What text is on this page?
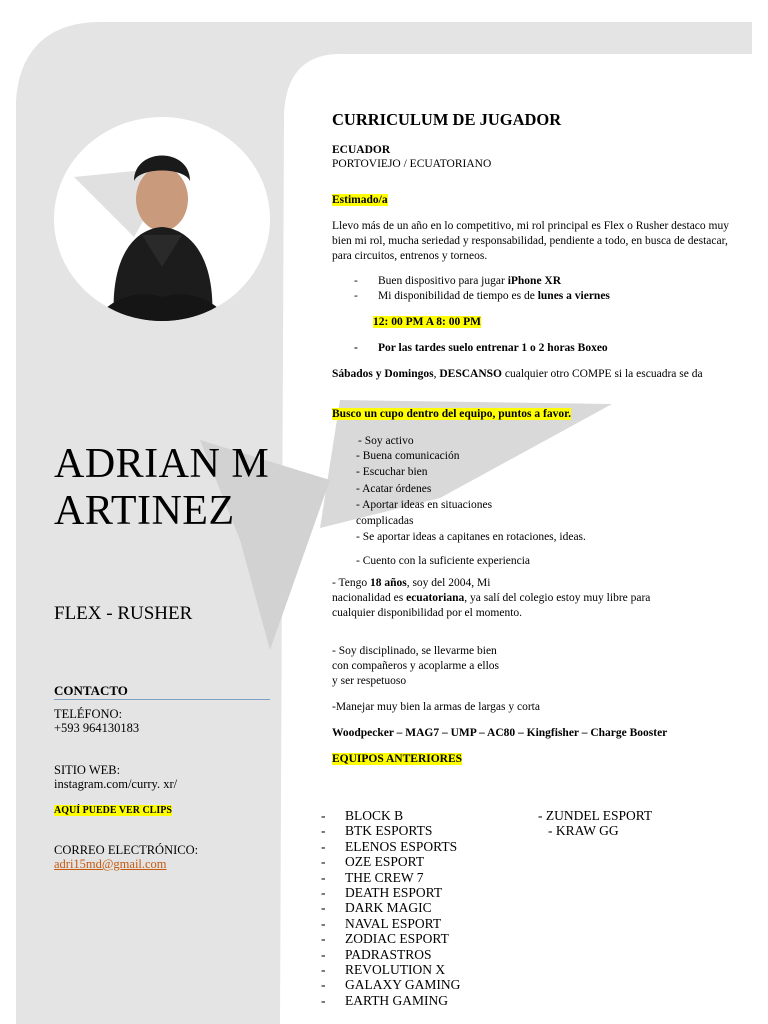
ADRIAN MARTINEZ
FLEX - RUSHER
CONTACTO
TELÉFONO:
+593 964130183
SITIO WEB:
instagram.com/curry. xr/
AQUÍ PUEDE VER CLIPS
CORREO ELECTRÓNICO:
adri15md@gmail.com
CURRICULUM DE JUGADOR
ECUADOR
PORTOVIEJO / ECUATORIANO
Estimado/a
Llevo más de un año en lo competitivo, mi rol principal es Flex o Rusher destaco muy bien mi rol, mucha seriedad y responsabilidad, pendiente a todo, en busca de destacar, para circuitos, entrenos y torneos.
- Buen dispositivo para jugar iPhone XR
- Mi disponibilidad de tiempo es de lunes a viernes
12: 00 PM A 8: 00 PM
- Por las tardes suelo entrenar 1 o 2 horas Boxeo
Sábados y Domingos, DESCANSO cualquier otro COMPE si la escuadra se da
Busco un cupo dentro del equipo, puntos a favor.
- Soy activo
- Buena comunicación
- Escuchar bien
- Acatar órdenes
- Aportar ideas en situaciones
complicadas
- Se aportar ideas a capitanes en rotaciones, ideas.
- Cuento con la suficiente experiencia
- Tengo 18 años, soy del 2004, Mi
nacionalidad es ecuatoriana, ya salí del colegio estoy muy libre para
cualquier disponibilidad por el momento.
- Soy disciplinado, se llevarme bien
con compañeros y acoplarme a ellos
y ser respetuoso
-Manejar muy bien la armas de largas y corta
Woodpecker – MAG7 – UMP – AC80 – Kingfisher – Charge Booster
EQUIPOS ANTERIORES
- BLOCK B
- BTK ESPORTS
- ELENOS ESPORTS
- OZE ESPORT
- THE CREW 7
- DEATH ESPORT
- DARK MAGIC
- NAVAL ESPORT
- ZODIAC ESPORT
- PADRASTROS
- REVOLUTION X
- GALAXY GAMING
- EARTH GAMING
- ZUNDEL ESPORT
- KRAW GG
